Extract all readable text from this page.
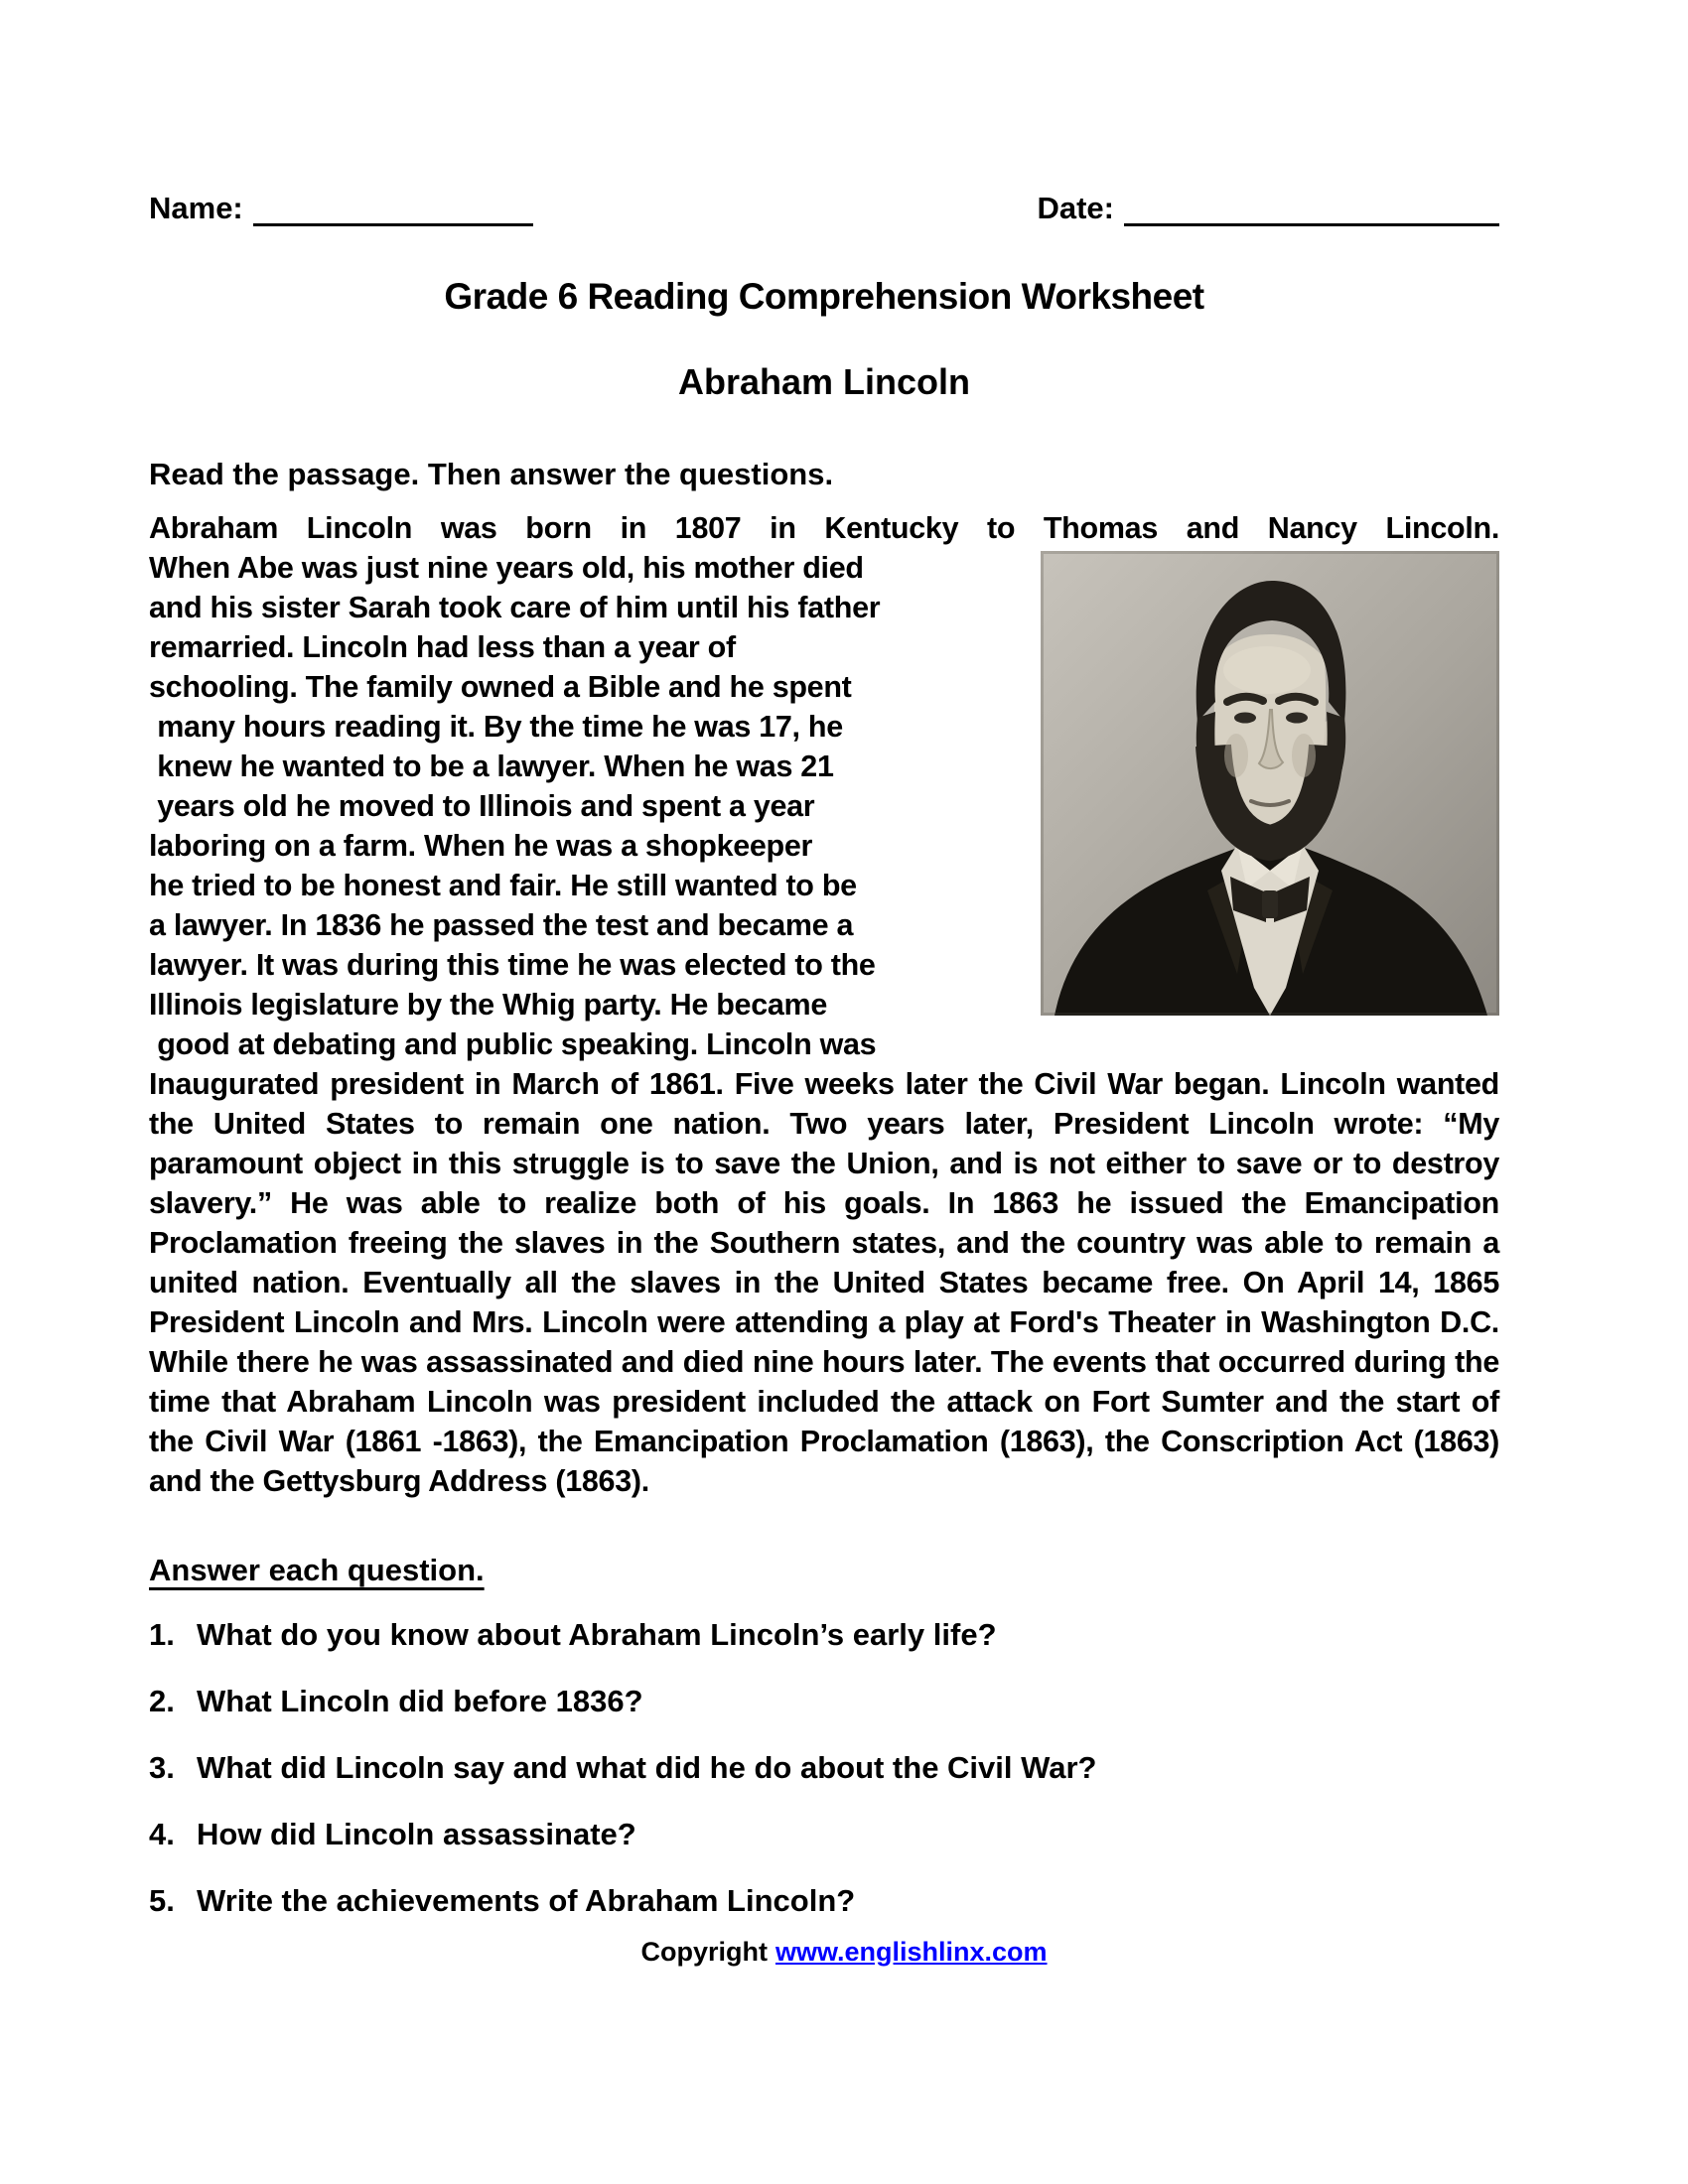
Name:	Date:
Grade 6 Reading Comprehension Worksheet
Abraham Lincoln
Read the passage. Then answer the questions.
Abraham Lincoln was born in 1807 in Kentucky to Thomas and Nancy Lincoln.
When Abe was just nine years old, his mother died
and his sister Sarah took care of him until his father
remarried. Lincoln had less than a year of
schooling. The family owned a Bible and he spent
many hours reading it. By the time he was 17, he
knew he wanted to be a lawyer. When he was 21
years old he moved to Illinois and spent a year
laboring on a farm. When he was a shopkeeper
he tried to be honest and fair. He still wanted to be
a lawyer. In 1836 he passed the test and became a
lawyer. It was during this time he was elected to the
Illinois legislature by the Whig party. He became
good at debating and public speaking. Lincoln was
Inaugurated president in March of 1861. Five weeks later the Civil War began. Lincoln wanted the United States to remain one nation. Two years later, President Lincoln wrote: “My paramount object in this struggle is to save the Union, and is not either to save or to destroy slavery.” He was able to realize both of his goals. In 1863 he issued the Emancipation Proclamation freeing the slaves in the Southern states, and the country was able to remain a united nation. Eventually all the slaves in the United States became free. On April 14, 1865 President Lincoln and Mrs. Lincoln were attending a play at Ford's Theater in Washington D.C. While there he was assassinated and died nine hours later. The events that occurred during the time that Abraham Lincoln was president included the attack on Fort Sumter and the start of the Civil War (1861 -1863), the Emancipation Proclamation (1863), the Conscription Act (1863) and the Gettysburg Address (1863).
Answer each question.
1. What do you know about Abraham Lincoln’s early life?
2. What Lincoln did before 1836?
3. What did Lincoln say and what did he do about the Civil War?
4. How did Lincoln assassinate?
5. Write the achievements of Abraham Lincoln?
Copyright www.englishlinx.com
